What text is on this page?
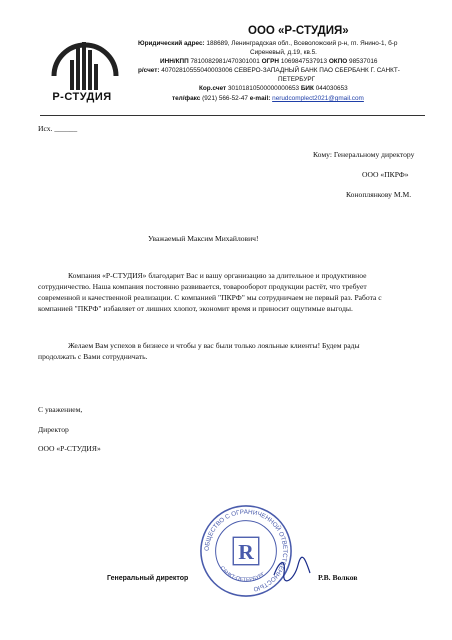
Р-СТУДИЯ
ООО «Р-СТУДИЯ»
Юридический адрес: 188689, Ленинградская обл., Всеволожский р-н, гп. Янино-1, б-р
Сиреневый, д.19, кв.5.
ИНН/КПП 7810082981/470301001 ОГРН 1069847537913 ОКПО 98537016
р/счет: 40702810555040003006 СЕВЕРО-ЗАПАДНЫЙ БАНК ПАО СБЕРБАНК Г. САНКТ-
ПЕТЕРБУРГ
Кор.счет 30101810500000000653 БИК 044030653
тел/факс (921) 566-52-47 e-mail: nerudcomplect2021@gmail.com
Исх. ______
Кому: Генеральному директору
ООО «ПКРФ»
Коноплянкову М.М.
Уважаемый Максим Михайлович!
Компания «Р-СТУДИЯ» благодарит Вас и вашу организацию за длительное и продуктивное
сотрудничество. Наша компания постоянно развивается, товарооборот продукции растёт, что требует
современной и качественной реализации. С компанией "ПКРФ" мы сотрудничаем не первый раз. Работа с
компанией "ПКРФ" избавляет от лишних хлопот, экономит время и приносит ощутимые выгоды.
Желаем Вам успехов в бизнесе и чтобы у вас были только лояльные клиенты! Будем рады
продолжать с Вами сотрудничать.
С уважением,
Директор
ООО «Р-СТУДИЯ»
ОБЩЕСТВО С ОГРАНИЧЕННОЙ ОТВЕТСТВЕННОСТЬЮ
САНКТ-ПЕТЕРБУРГ
R
Генеральный директор	Р.В. Волков
